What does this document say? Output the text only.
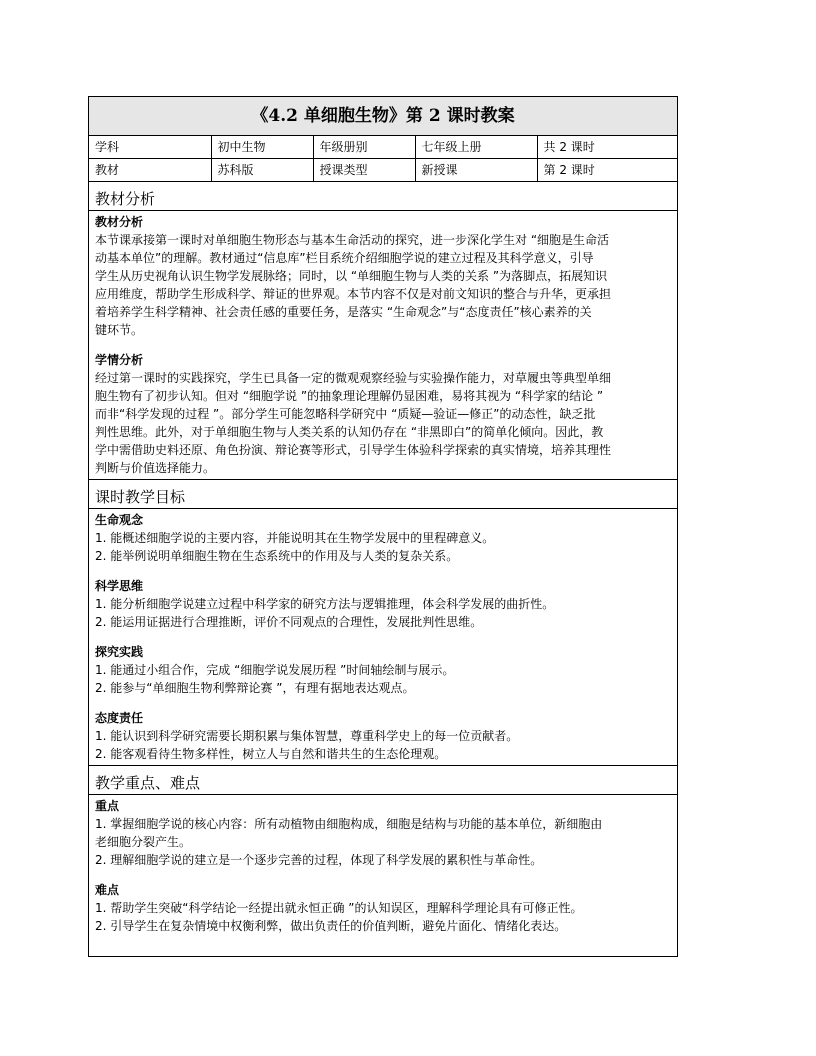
《4.2 单细胞生物》第 2 课时教案
学科	初中生物	年级册别	七年级上册	共 2 课时
教材	苏科版	授课类型	新授课	第 2 课时
教材分析

教材分析

本节课承接第一课时对单细胞生物形态与基本生命活动的探究，进一步深化学生对 “细胞是生命活

动基本单位”的理解。教材通过“信息库”栏目系统介绍细胞学说的建立过程及其科学意义，引导

学生从历史视角认识生物学发展脉络；同时，以 “单细胞生物与人类的关系 ”为落脚点，拓展知识

应用维度，帮助学生形成科学、辩证的世界观。本节内容不仅是对前文知识的整合与升华，更承担

着培养学生科学精神、社会责任感的重要任务，是落实 “生命观念”与“态度责任”核心素养的关

键环节。

学情分析

经过第一课时的实践探究，学生已具备一定的微观观察经验与实验操作能力，对草履虫等典型单细

胞生物有了初步认知。但对 “细胞学说 ”的抽象理论理解仍显困难，易将其视为 “科学家的结论 ”

而非“科学发现的过程 ”。部分学生可能忽略科学研究中 “质疑—验证—修正”的动态性，缺乏批

判性思维。此外，对于单细胞生物与人类关系的认知仍存在 “非黑即白”的简单化倾向。因此，教

学中需借助史料还原、角色扮演、辩论赛等形式，引导学生体验科学探索的真实情境，培养其理性

判断与价值选择能力。

课时教学目标

生命观念

1. 能概述细胞学说的主要内容，并能说明其在生物学发展中的里程碑意义。

2. 能举例说明单细胞生物在生态系统中的作用及与人类的复杂关系。

科学思维

1. 能分析细胞学说建立过程中科学家的研究方法与逻辑推理，体会科学发展的曲折性。

2. 能运用证据进行合理推断，评价不同观点的合理性，发展批判性思维。

探究实践

1. 能通过小组合作，完成 “细胞学说发展历程 ”时间轴绘制与展示。

2. 能参与“单细胞生物利弊辩论赛 ”，有理有据地表达观点。

态度责任

1. 能认识到科学研究需要长期积累与集体智慧，尊重科学史上的每一位贡献者。

2. 能客观看待生物多样性，树立人与自然和谐共生的生态伦理观。

教学重点、难点

重点

1. 掌握细胞学说的核心内容：所有动植物由细胞构成，细胞是结构与功能的基本单位，新细胞由

老细胞分裂产生。

2. 理解细胞学说的建立是一个逐步完善的过程，体现了科学发展的累积性与革命性。

难点

1. 帮助学生突破“科学结论一经提出就永恒正确 ”的认知误区，理解科学理论具有可修正性。

2. 引导学生在复杂情境中权衡利弊，做出负责任的价值判断，避免片面化、情绪化表达。
